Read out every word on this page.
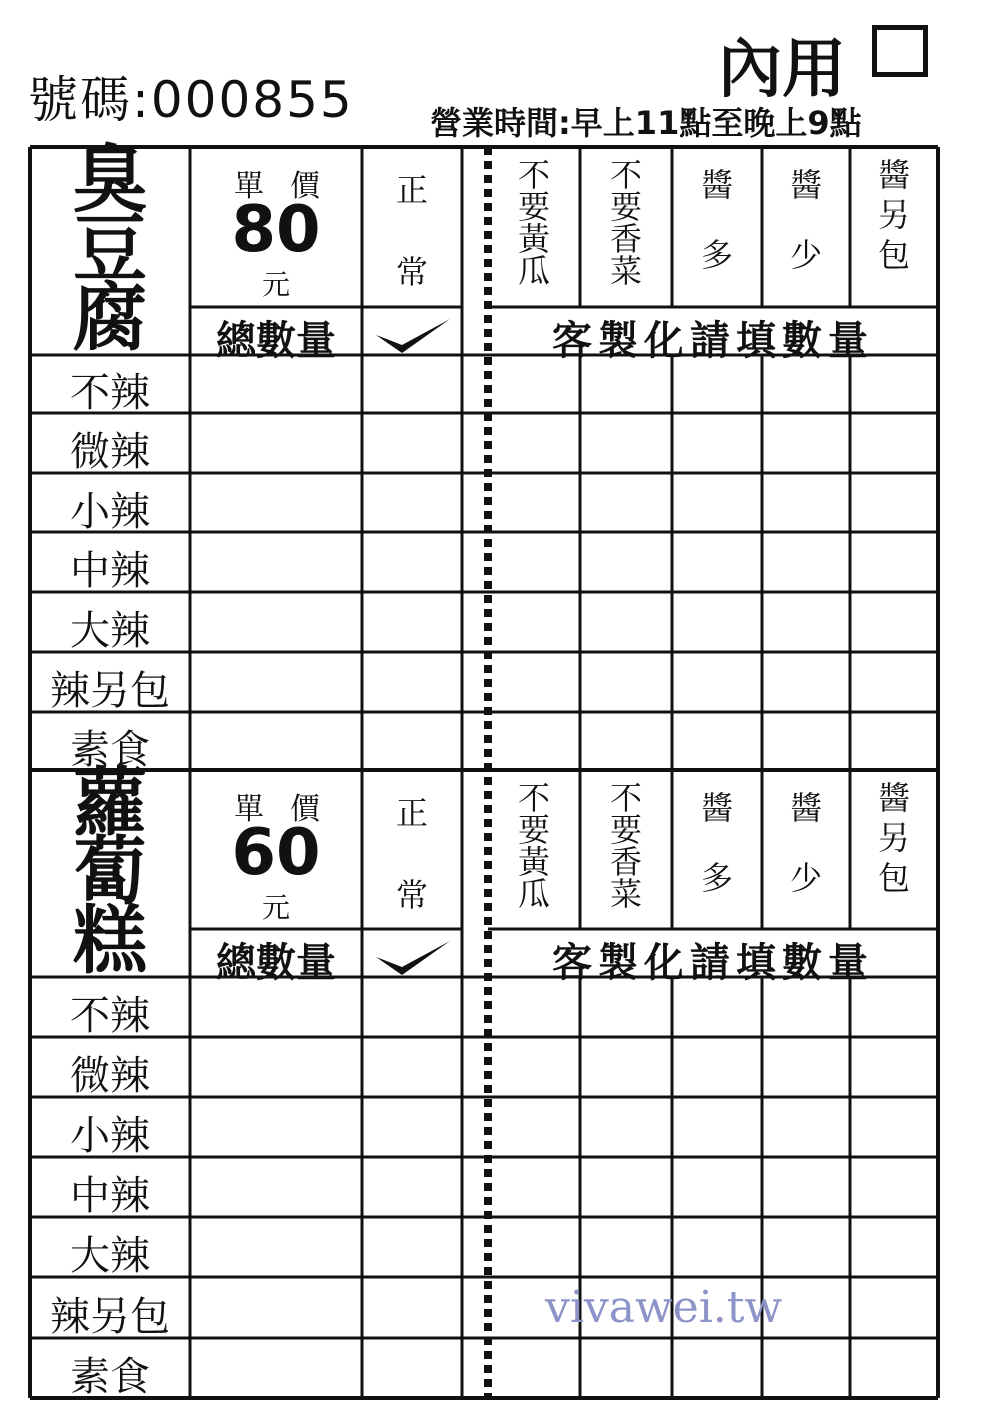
號碼:000855	內用
營業時間:早上11點至晚上9點
臭
豆
腐
單價
80
元
正
常
總數量
不
要
黃
瓜
不
要
香
菜
醬
多
醬
少
醬
另
包
客製化請填數量
不辣
微辣
小辣
中辣
大辣
辣另包
素食
蘿
蔔
糕
單價
60
元
正
常
總數量
不
要
黃
瓜
不
要
香
菜
醬
多
醬
少
醬
另
包
客製化請填數量
不辣
微辣
小辣
中辣
大辣
辣另包
素食
vivawei.tw
